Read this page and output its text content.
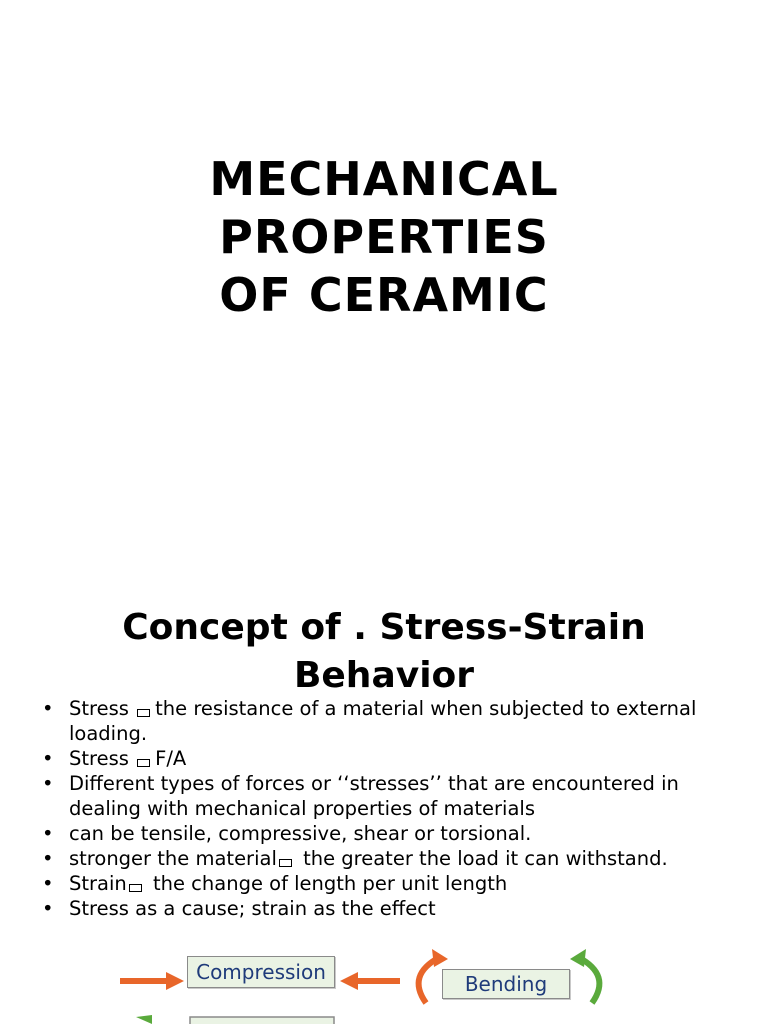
MECHANICAL
PROPERTIES
OF CERAMIC
Concept of . Stress-Strain
Behavior
• Stress the resistance of a material when subjected to external loading.
• Stress F/A
• Different types of forces or ‘‘stresses’’ that are encountered in dealing with mechanical properties of materials
• can be tensile, compressive, shear or torsional.
• stronger the material the greater the load it can withstand.
• Strain the change of length per unit length
• Stress as a cause; strain as the effect
Compression	Bending
